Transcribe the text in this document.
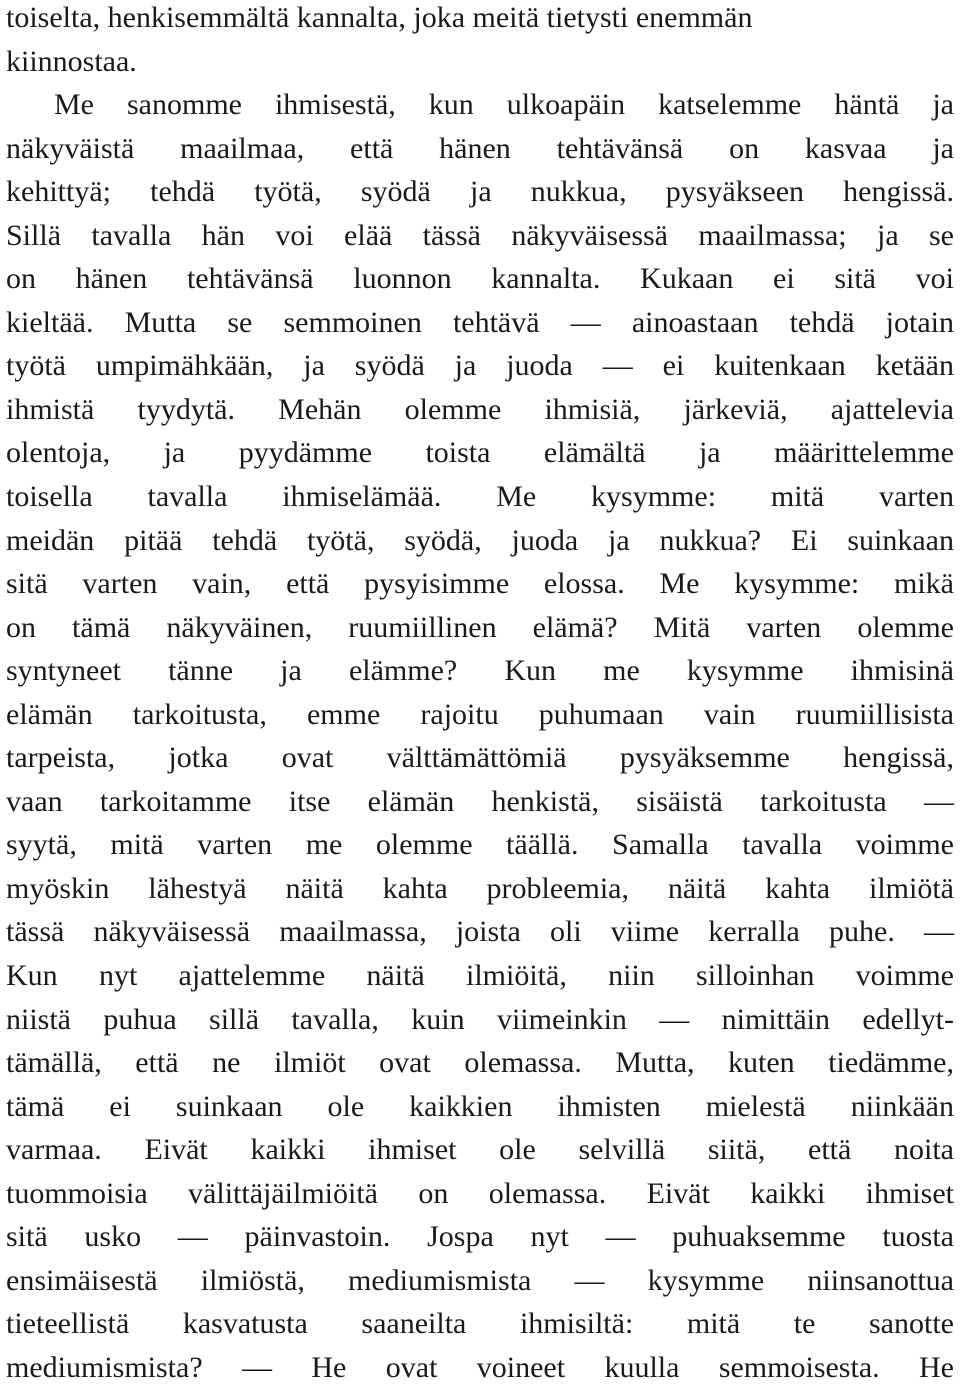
toiselta, henkisemmältä kannalta, joka meitä tietysti enemmän
kiinnostaa.
Me sanomme ihmisestä, kun ulkoapäin katselemme häntä ja
näkyväistä maailmaa, että hänen tehtävänsä on kasvaa ja
kehittyä; tehdä työtä, syödä ja nukkua, pysyäkseen hengissä.
Sillä tavalla hän voi elää tässä näkyväisessä maailmassa; ja se
on hänen tehtävänsä luonnon kannalta. Kukaan ei sitä voi
kieltää. Mutta se semmoinen tehtävä — ainoastaan tehdä jotain
työtä umpimähkään, ja syödä ja juoda — ei kuitenkaan ketään
ihmistä tyydytä. Mehän olemme ihmisiä, järkeviä, ajattelevia
olentoja, ja pyydämme toista elämältä ja määrittelemme
toisella tavalla ihmiselämää. Me kysymme: mitä varten
meidän pitää tehdä työtä, syödä, juoda ja nukkua? Ei suinkaan
sitä varten vain, että pysyisimme elossa. Me kysymme: mikä
on tämä näkyväinen, ruumiillinen elämä? Mitä varten olemme
syntyneet tänne ja elämme? Kun me kysymme ihmisinä
elämän tarkoitusta, emme rajoitu puhumaan vain ruumiillisista
tarpeista, jotka ovat välttämättömiä pysyäksemme hengissä,
vaan tarkoitamme itse elämän henkistä, sisäistä tarkoitusta —
syytä, mitä varten me olemme täällä. Samalla tavalla voimme
myöskin lähestyä näitä kahta probleemia, näitä kahta ilmiötä
tässä näkyväisessä maailmassa, joista oli viime kerralla puhe. —
Kun nyt ajattelemme näitä ilmiöitä, niin silloinhan voimme
niistä puhua sillä tavalla, kuin viimeinkin — nimittäin edellyt-
tämällä, että ne ilmiöt ovat olemassa. Mutta, kuten tiedämme,
tämä ei suinkaan ole kaikkien ihmisten mielestä niinkään
varmaa. Eivät kaikki ihmiset ole selvillä siitä, että noita
tuommoisia välittäjäilmiöitä on olemassa. Eivät kaikki ihmiset
sitä usko — päinvastoin. Jospa nyt — puhuaksemme tuosta
ensimäisestä ilmiöstä, mediumismista — kysymme niinsanottua
tieteellistä kasvatusta saaneilta ihmisiltä: mitä te sanotte
mediumismista? — He ovat voineet kuulla semmoisesta. He
